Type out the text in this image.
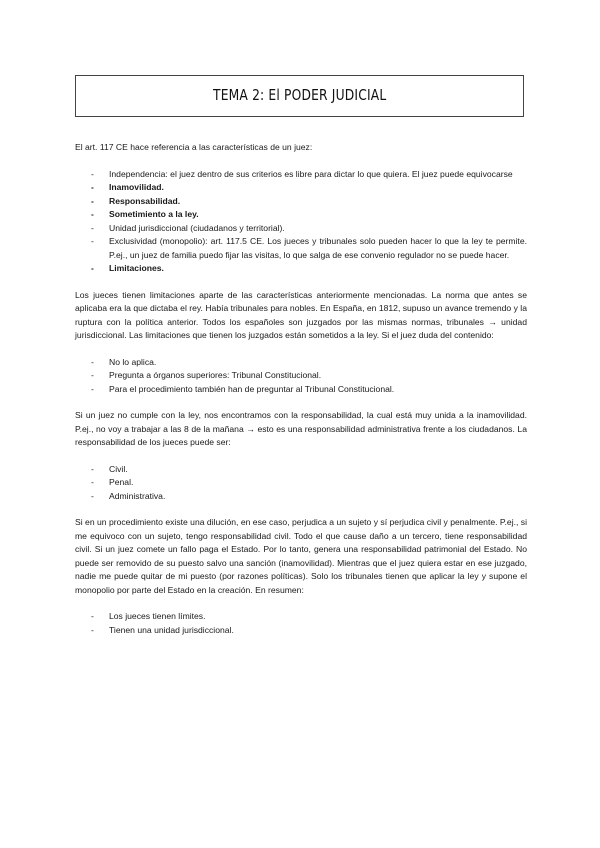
TEMA 2: El PODER JUDICIAL

El art. 117 CE hace referencia a las características de un juez:

- Independencia: el juez dentro de sus criterios es libre para dictar lo que quiera. El juez puede equivocarse
- Inamovilidad.
- Responsabilidad.
- Sometimiento a la ley.
- Unidad jurisdiccional (ciudadanos y territorial).
- Exclusividad (monopolio): art. 117.5 CE. Los jueces y tribunales solo pueden hacer lo que la ley te permite. P.ej., un juez de familia puedo fijar las visitas, lo que salga de ese convenio regulador no se puede hacer.
- Limitaciones.

Los jueces tienen limitaciones aparte de las características anteriormente mencionadas. La norma que antes se aplicaba era la que dictaba el rey. Había tribunales para nobles. En España, en 1812, supuso un avance tremendo y la ruptura con la política anterior. Todos los españoles son juzgados por las mismas normas, tribunales → unidad jurisdiccional. Las limitaciones que tienen los juzgados están sometidos a la ley. Si el juez duda del contenido:

- No lo aplica.
- Pregunta a órganos superiores: Tribunal Constitucional.
- Para el procedimiento también han de preguntar al Tribunal Constitucional.

Si un juez no cumple con la ley, nos encontramos con la responsabilidad, la cual está muy unida a la inamovilidad. P.ej., no voy a trabajar a las 8 de la mañana → esto es una responsabilidad administrativa frente a los ciudadanos. La responsabilidad de los jueces puede ser:

- Civil.
- Penal.
- Administrativa.

Si en un procedimiento existe una dilución, en ese caso, perjudica a un sujeto y sí perjudica civil y penalmente. P.ej., si me equivoco con un sujeto, tengo responsabilidad civil. Todo el que cause daño a un tercero, tiene responsabilidad civil. Si un juez comete un fallo paga el Estado. Por lo tanto, genera una responsabilidad patrimonial del Estado. No puede ser removido de su puesto salvo una sanción (inamovilidad). Mientras que el juez quiera estar en ese juzgado, nadie me puede quitar de mi puesto (por razones políticas). Solo los tribunales tienen que aplicar la ley y supone el monopolio por parte del Estado en la creación. En resumen:

- Los jueces tienen límites.
- Tienen una unidad jurisdiccional.
